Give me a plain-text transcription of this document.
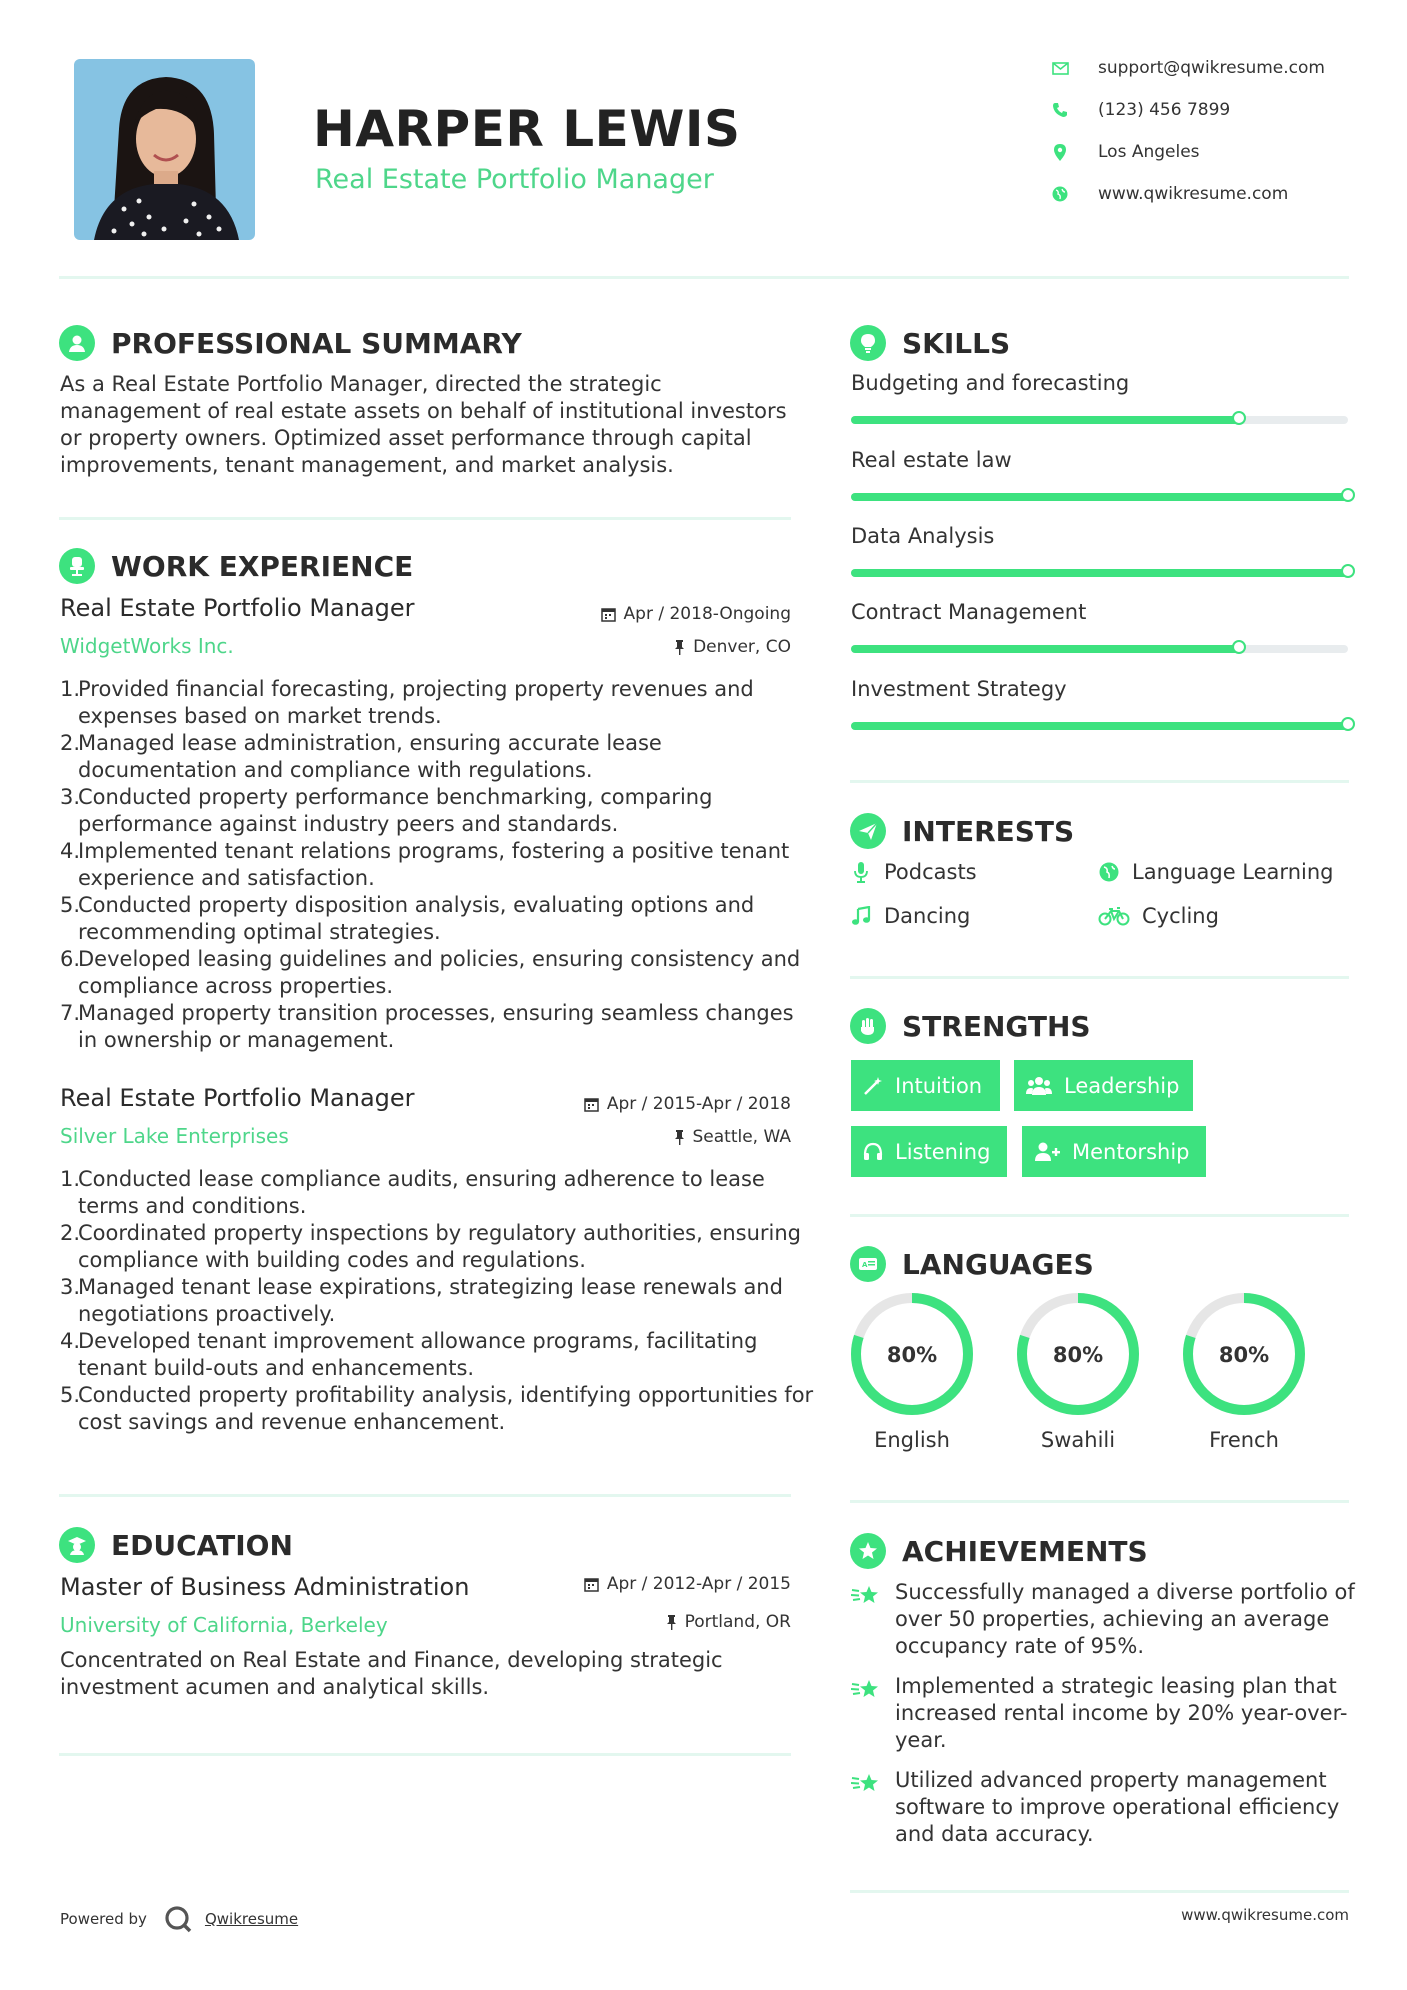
HARPER LEWIS
Real Estate Portfolio Manager
support@qwikresume.com
(123) 456 7899
Los Angeles
www.qwikresume.com
PROFESSIONAL SUMMARY
As a Real Estate Portfolio Manager, directed the strategic management of real estate assets on behalf of institutional investors or property owners. Optimized asset performance through capital improvements, tenant management, and market analysis.
WORK EXPERIENCE
Real Estate Portfolio Manager
WidgetWorks Inc.
Apr / 2018-Ongoing
Denver, CO
1.
Provided financial forecasting, projecting property revenues and expenses based on market trends.
2.
Managed lease administration, ensuring accurate lease documentation and compliance with regulations.
3.
Conducted property performance benchmarking, comparing performance against industry peers and standards.
4.
Implemented tenant relations programs, fostering a positive tenant experience and satisfaction.
5.
Conducted property disposition analysis, evaluating options and recommending optimal strategies.
6.
Developed leasing guidelines and policies, ensuring consistency and compliance across properties.
7.
Managed property transition processes, ensuring seamless changes in ownership or management.
Real Estate Portfolio Manager
Silver Lake Enterprises
Apr / 2015-Apr / 2018
Seattle, WA
1.
Conducted lease compliance audits, ensuring adherence to lease terms and conditions.
2.
Coordinated property inspections by regulatory authorities, ensuring compliance with building codes and regulations.
3.
Managed tenant lease expirations, strategizing lease renewals and negotiations proactively.
4.
Developed tenant improvement allowance programs, facilitating tenant build-outs and enhancements.
5.
Conducted property profitability analysis, identifying opportunities for cost savings and revenue enhancement.
EDUCATION
Master of Business Administration
University of California, Berkeley
Apr / 2012-Apr / 2015
Portland, OR
Concentrated on Real Estate and Finance, developing strategic investment acumen and analytical skills.
SKILLS
Budgeting and forecasting
Real estate law
Data Analysis
Contract Management
Investment Strategy
INTERESTS
Podcasts	Language Learning
Dancing	Cycling
STRENGTHS
Intuition	Leadership
Listening	Mentorship
A LANGUAGES
80%
English
80%
Swahili
80%
French
ACHIEVEMENTS
Successfully managed a diverse portfolio of over 50 properties, achieving an average occupancy rate of 95%.
Implemented a strategic leasing plan that increased rental income by 20% year-over-year.
Utilized advanced property management software to improve operational efficiency and data accuracy.
Powered by	Qwikresume	www.qwikresume.com
